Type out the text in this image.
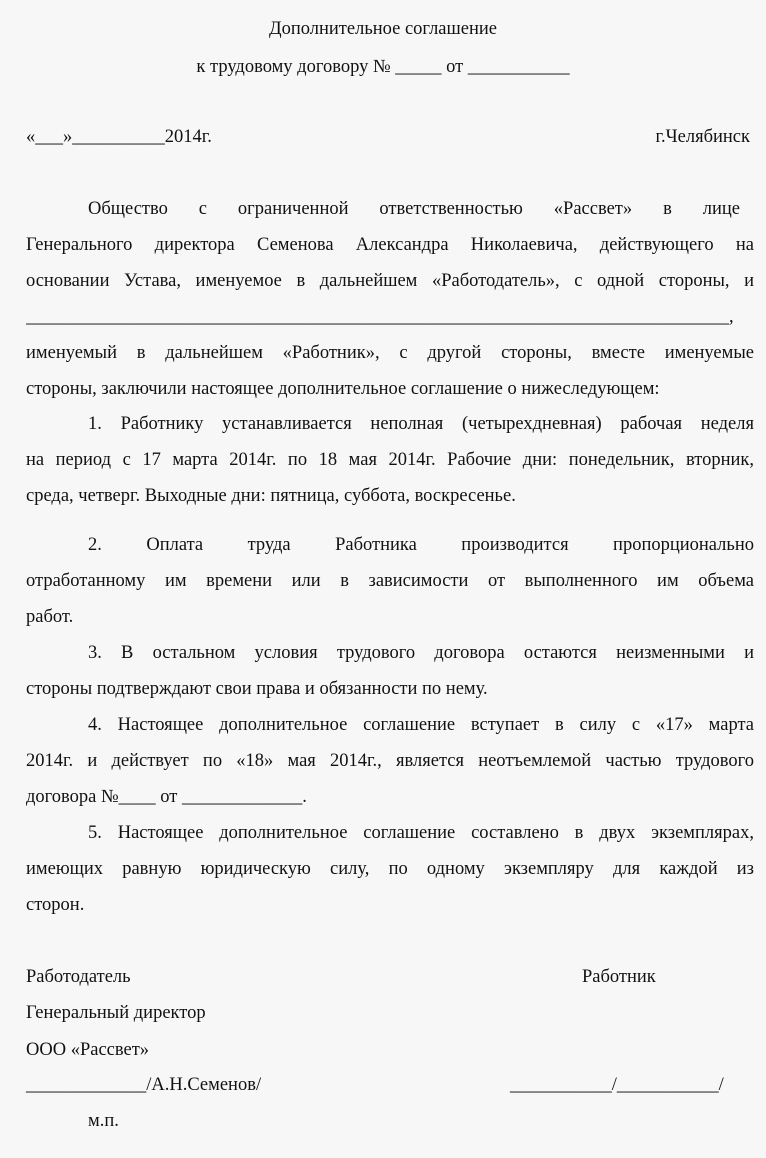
Дополнительное соглашение
к трудовому договору № _____ от ___________
«___»__________2014г.	г.Челябинск
Общество с ограниченной ответственностью «Рассвет» в лице
Генерального директора Семенова Александра Николаевича, действующего на
основании Устава, именуемое в дальнейшем «Работодатель», с одной стороны, и
____________________________________________________________________________,
именуемый в дальнейшем «Работник», с другой стороны, вместе именуемые
стороны, заключили настоящее дополнительное соглашение о нижеследующем:
1. Работнику устанавливается неполная (четырехдневная) рабочая неделя
на период с 17 марта 2014г. по 18 мая 2014г. Рабочие дни: понедельник, вторник,
среда, четверг. Выходные дни: пятница, суббота, воскресенье.
2. Оплата труда Работника производится пропорционально
отработанному им времени или в зависимости от выполненного им объема
работ.
3. В остальном условия трудового договора остаются неизменными и
стороны подтверждают свои права и обязанности по нему.
4. Настоящее дополнительное соглашение вступает в силу с «17» марта
2014г. и действует по «18» мая 2014г., является неотъемлемой частью трудового
договора №____ от _____________.
5. Настоящее дополнительное соглашение составлено в двух экземплярах,
имеющих равную юридическую силу, по одному экземпляру для каждой из
сторон.
Работодатель	Работник
Генеральный директор
ООО «Рассвет»
_____________/А.Н.Семенов/	___________/___________/
м.п.
